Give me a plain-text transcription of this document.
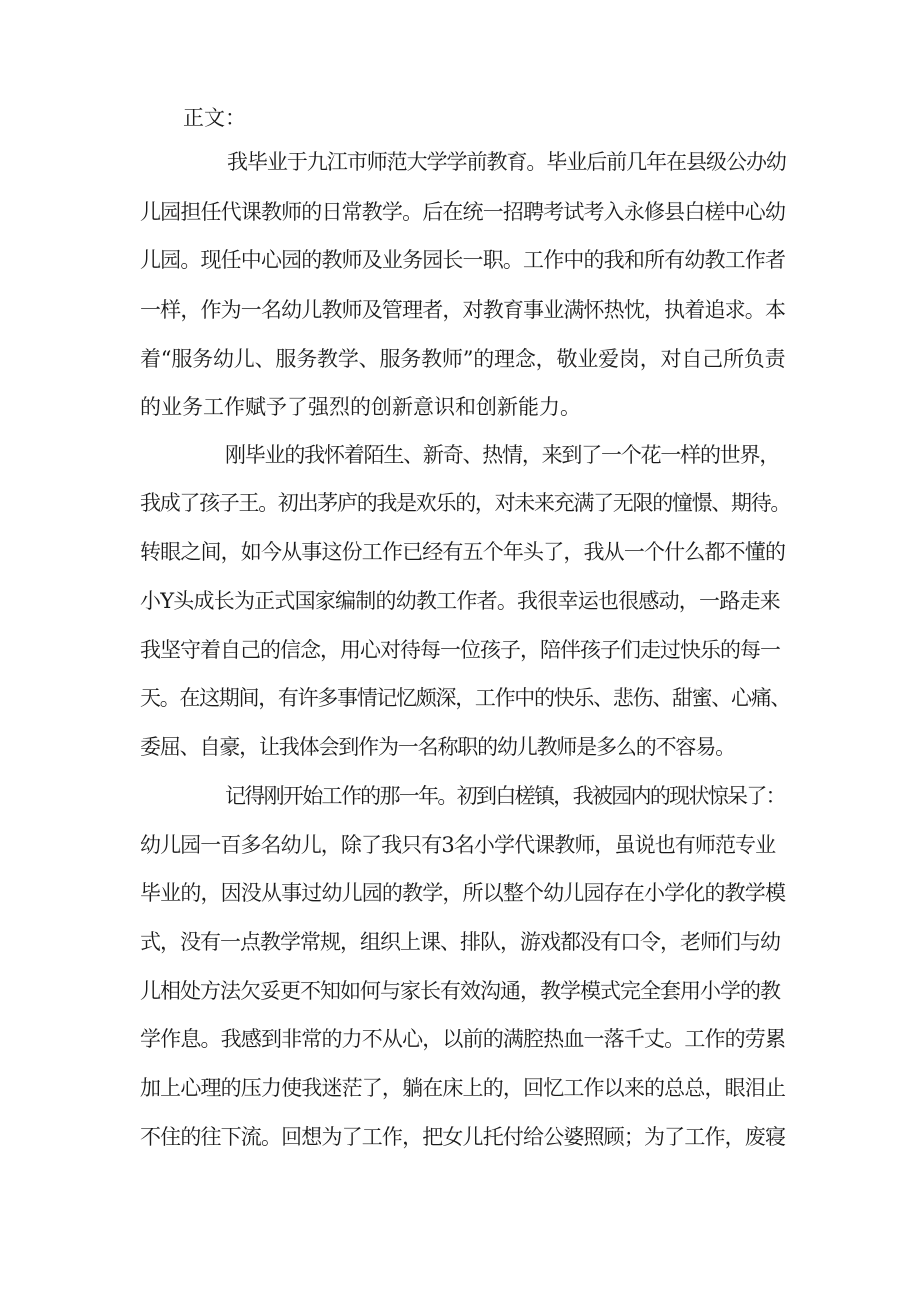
正文：
我毕业于九江市师范大学学前教育。毕业后前几年在县级公办幼
儿园担任代课教师的日常教学。后在统一招聘考试考入永修县白槎中心幼
儿园。现任中心园的教师及业务园长一职。工作中的我和所有幼教工作者
一样，作为一名幼儿教师及管理者，对教育事业满怀热忱，执着追求。本
着“服务幼儿、服务教学、服务教师”的理念，敬业爱岗，对自己所负责
的业务工作赋予了强烈的创新意识和创新能力。
刚毕业的我怀着陌生、新奇、热情，来到了一个花一样的世界，
我成了孩子王。初出茅庐的我是欢乐的，对未来充满了无限的憧憬、期待。
转眼之间，如今从事这份工作已经有五个年头了，我从一个什么都不懂的
小Y头成长为正式国家编制的幼教工作者。我很幸运也很感动，一路走来
我坚守着自己的信念，用心对待每一位孩子，陪伴孩子们走过快乐的每一
天。在这期间，有许多事情记忆颇深，工作中的快乐、悲伤、甜蜜、心痛、
委屈、自豪，让我体会到作为一名称职的幼儿教师是多么的不容易。
记得刚开始工作的那一年。初到白槎镇，我被园内的现状惊呆了：
幼儿园一百多名幼儿，除了我只有3名小学代课教师，虽说也有师范专业
毕业的，因没从事过幼儿园的教学，所以整个幼儿园存在小学化的教学模
式，没有一点教学常规，组织上课、排队，游戏都没有口令，老师们与幼
儿相处方法欠妥更不知如何与家长有效沟通，教学模式完全套用小学的教
学作息。我感到非常的力不从心，以前的满腔热血一落千丈。工作的劳累
加上心理的压力使我迷茫了，躺在床上的，回忆工作以来的总总，眼泪止
不住的往下流。回想为了工作，把女儿托付给公婆照顾；为了工作，废寝
